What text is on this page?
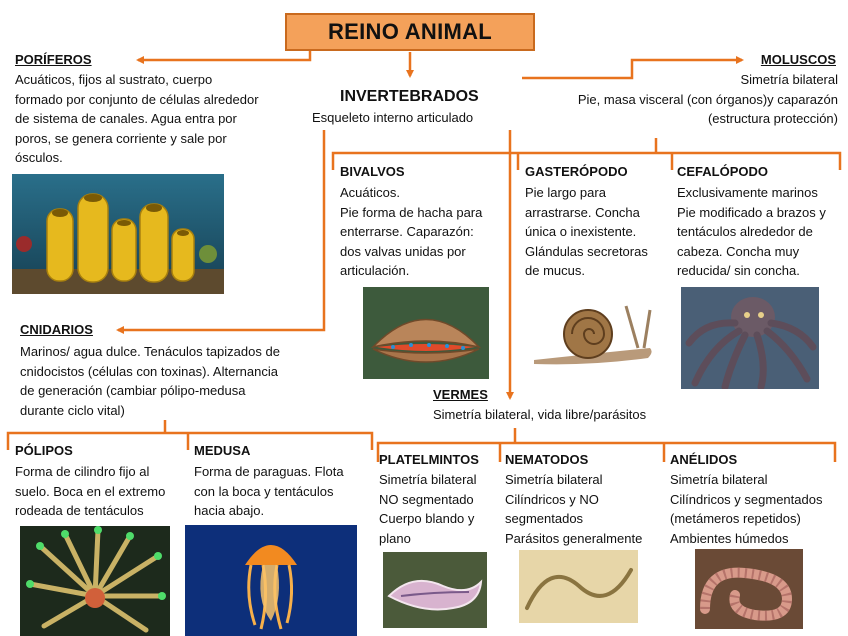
REINO ANIMAL
INVERTEBRADOS
Esqueleto interno articulado
PORÍFEROS
Acuáticos, fijos al sustrato, cuerpo
formado por conjunto de células alrededor
de sistema de canales. Agua entra por
poros, se genera corriente y sale por
ósculos.
MOLUSCOS
Simetría bilateral
Pie, masa visceral (con órganos)y caparazón
(estructura protección)
BIVALVOS
Acuáticos.
Pie forma de hacha para
enterrarse. Caparazón:
dos valvas unidas por
articulación.
GASTERÓPODO
Pie largo para
arrastrarse. Concha
única o inexistente.
Glándulas secretoras
de mucus.
CEFALÓPODO
Exclusivamente marinos
Pie modificado a brazos y
tentáculos alrededor de
cabeza. Concha muy
reducida/ sin concha.
CNIDARIOS
Marinos/ agua dulce. Tenáculos tapizados de
cnidocistos (células con toxinas). Alternancia
de generación (cambiar pólipo-medusa
durante ciclo vital)
VERMES
Simetría bilateral, vida libre/parásitos
PÓLIPOS
Forma de cilindro fijo al
suelo. Boca en el extremo
rodeada de tentáculos
MEDUSA
Forma de paraguas. Flota
con la boca y tentáculos
hacia abajo.
PLATELMINTOS
Simetría bilateral
NO segmentado
Cuerpo blando y
plano
NEMATODOS
Simetría bilateral
Cilíndricos y NO
segmentados
Parásitos generalmente
ANÉLIDOS
Simetría bilateral
Cilíndricos y segmentados
(metámeros repetidos)
Ambientes húmedos
